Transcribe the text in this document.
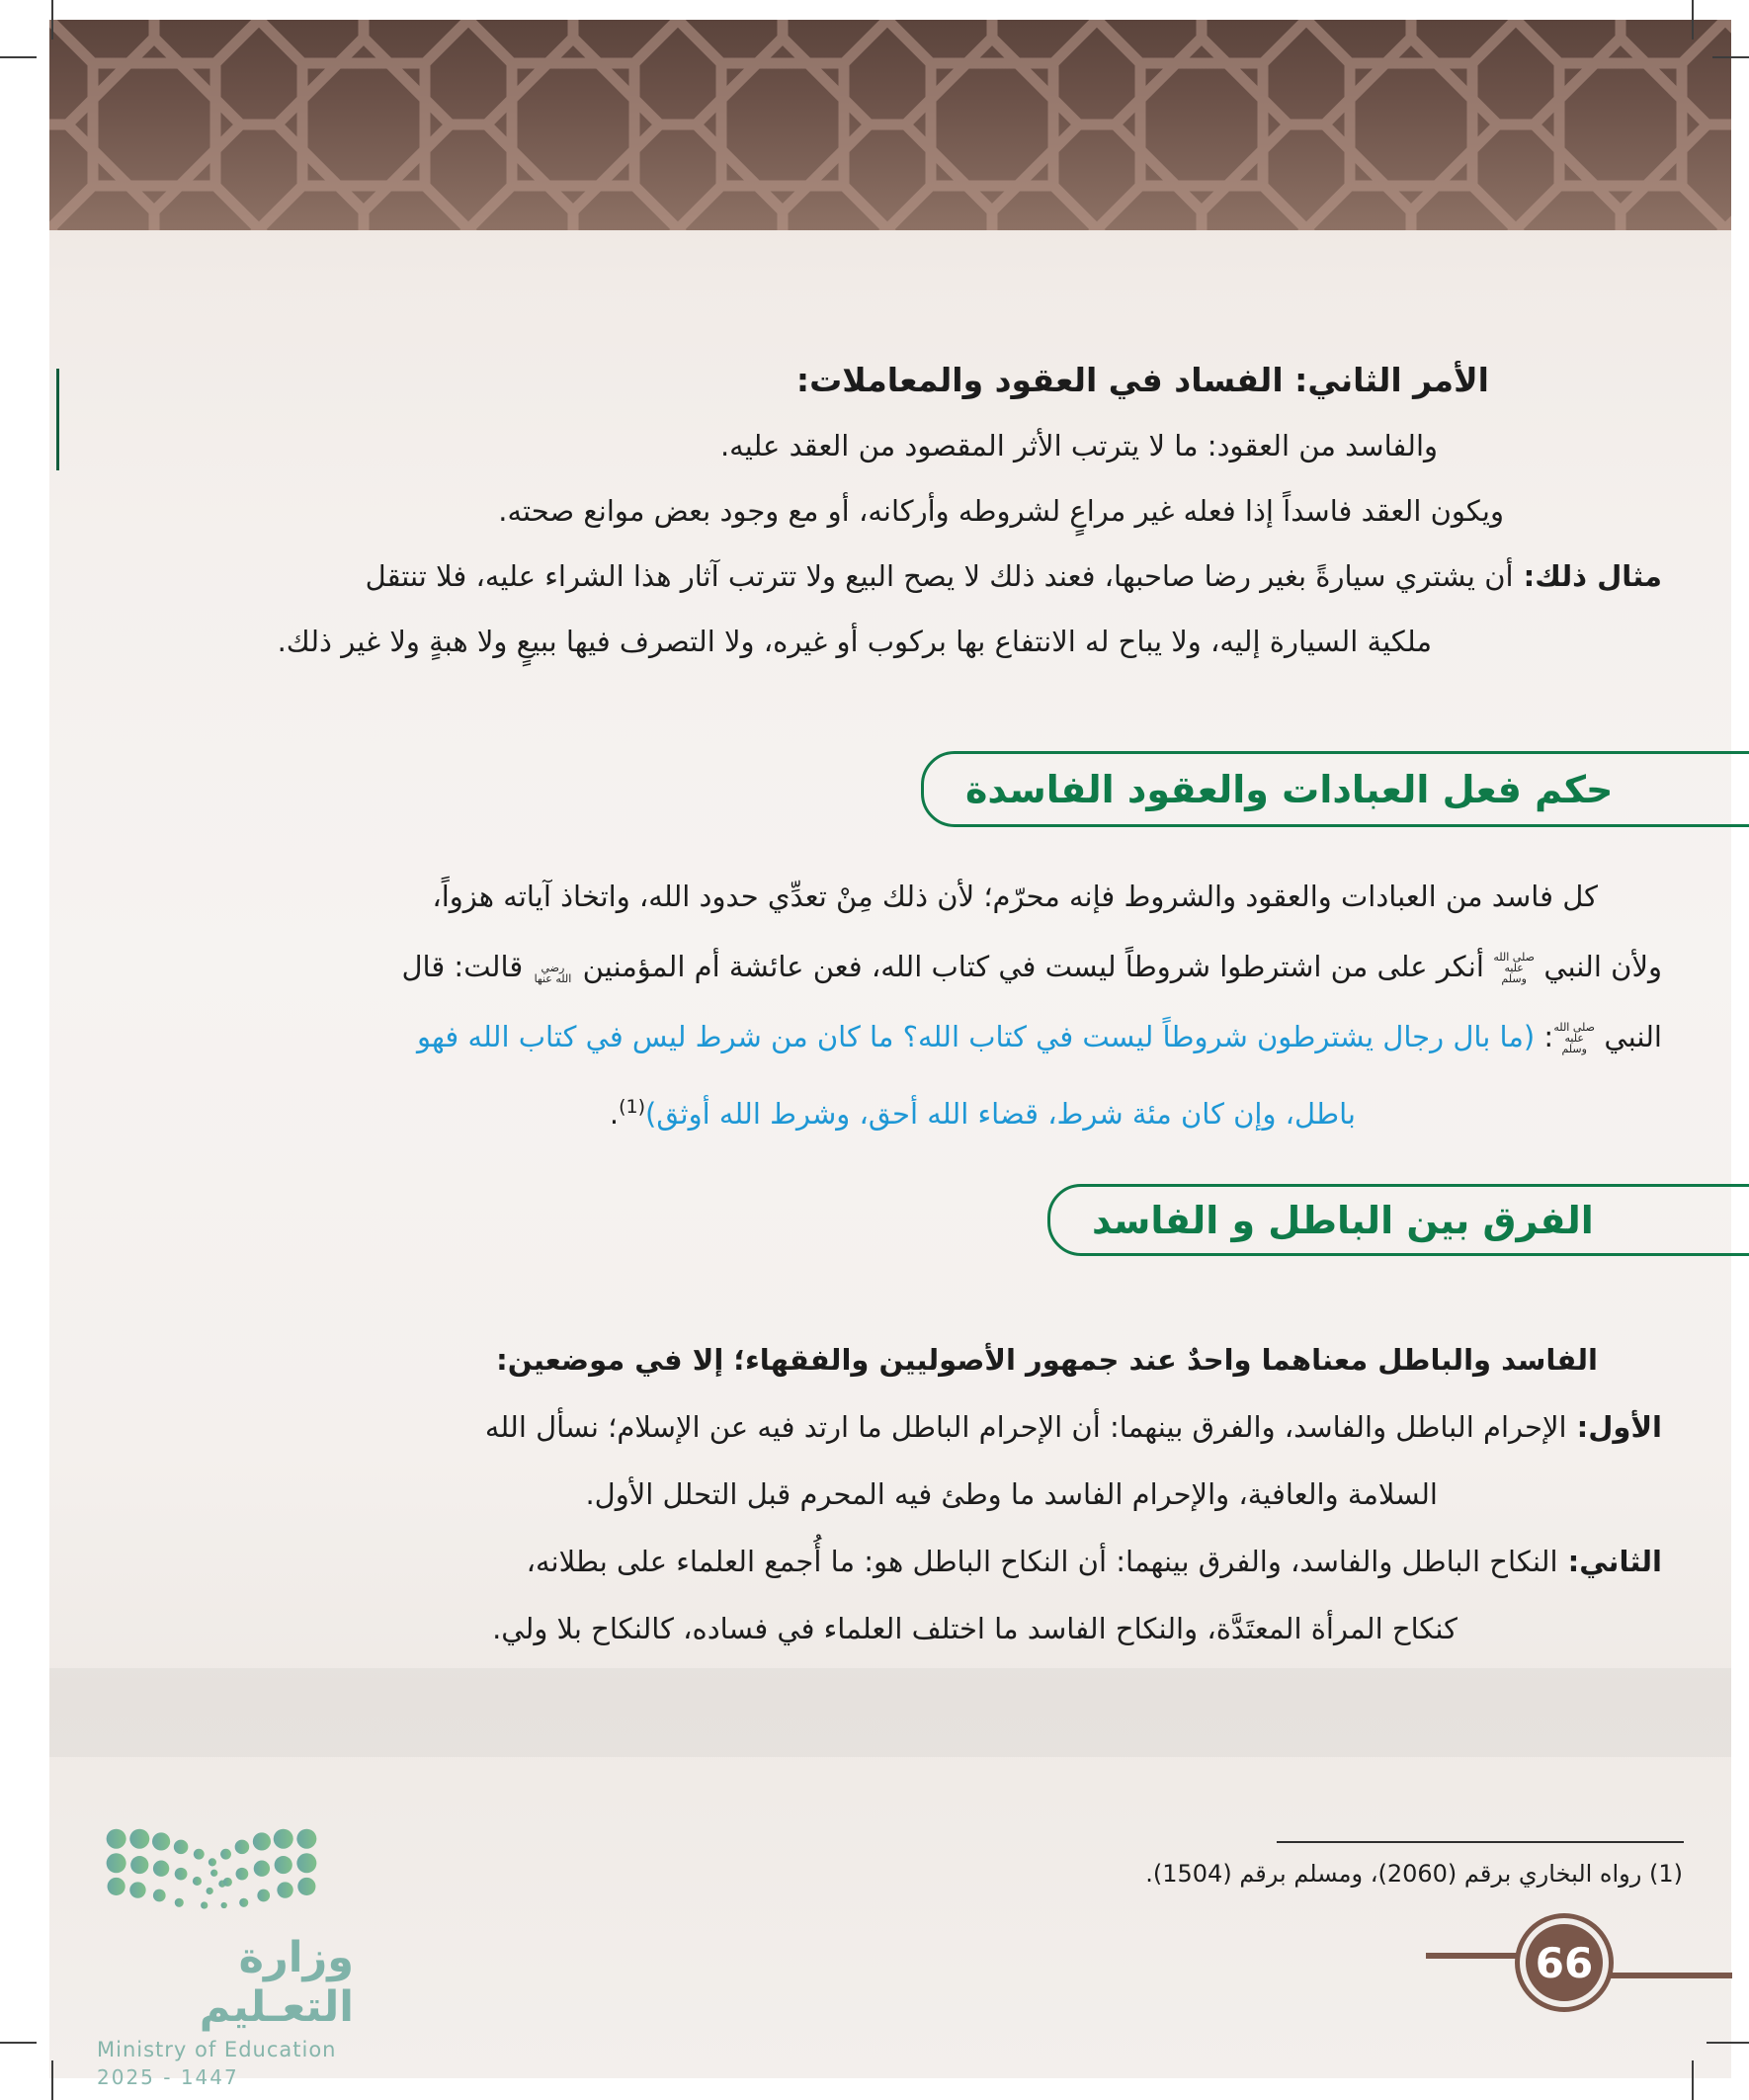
الأمر الثاني: الفساد في العقود والمعاملات:
والفاسد من العقود: ما لا يترتب الأثر المقصود من العقد عليه.
ويكون العقد فاسداً إذا فعله غير مراعٍ لشروطه وأركانه، أو مع وجود بعض موانع صحته.
مثال ذلك: أن يشتري سيارةً بغير رضا صاحبها، فعند ذلك لا يصح البيع ولا تترتب آثار هذا الشراء عليه، فلا تنتقل
ملكية السيارة إليه، ولا يباح له الانتفاع بها بركوب أو غيره، ولا التصرف فيها ببيعٍ ولا هبةٍ ولا غير ذلك.
حكم فعل العبادات والعقود الفاسدة
كل فاسد من العبادات والعقود والشروط فإنه محرّم؛ لأن ذلك مِنْ تعدِّي حدود الله، واتخاذ آياته هزواً،
ولأن النبي صلى الله عليه وسلم أنكر على من اشترطوا شروطاً ليست في كتاب الله، فعن عائشة أم المؤمنين رضي الله عنها قالت: قال
النبي صلى الله عليه وسلم: (ما بال رجال يشترطون شروطاً ليست في كتاب الله؟ ما كان من شرط ليس في كتاب الله فهو
باطل، وإن كان مئة شرط، قضاء الله أحق، وشرط الله أوثق)$^{(1)}$.
الفرق بين الباطل و الفاسد
الفاسد والباطل معناهما واحدٌ عند جمهور الأصوليين والفقهاء؛ إلا في موضعين:
الأول: الإحرام الباطل والفاسد، والفرق بينهما: أن الإحرام الباطل ما ارتد فيه عن الإسلام؛ نسأل الله
السلامة والعافية، والإحرام الفاسد ما وطئ فيه المحرم قبل التحلل الأول.
الثاني: النكاح الباطل والفاسد، والفرق بينهما: أن النكاح الباطل هو: ما أُجمع العلماء على بطلانه،
كنكاح المرأة المعتَدَّة، والنكاح الفاسد ما اختلف العلماء في فساده، كالنكاح بلا ولي.
(1) رواه البخاري برقم (2060)، ومسلم برقم (1504).
66
وزارة التعـليم
Ministry of Education
2025 - 1447
